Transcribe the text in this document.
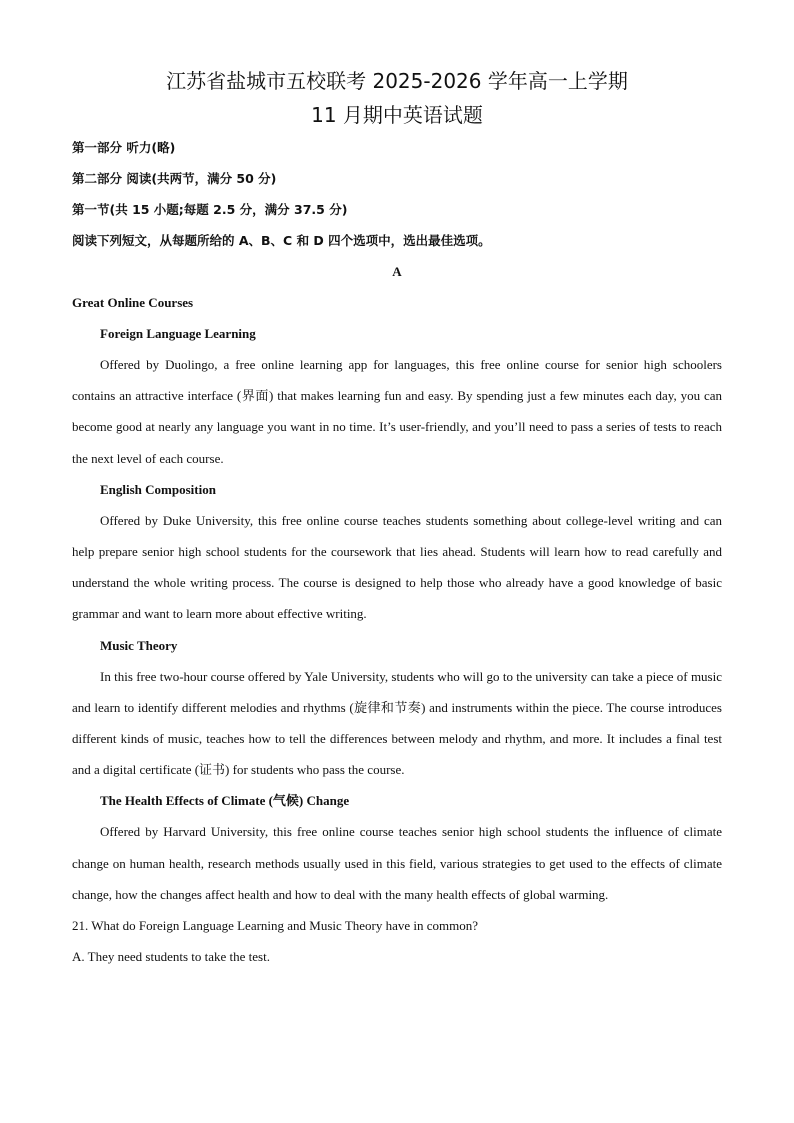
江苏省盐城市五校联考 2025-2026 学年高一上学期
11 月期中英语试题

第一部分 听力(略)

第二部分 阅读(共两节，满分 50 分)

第一节(共 15 小题;每题 2.5 分，满分 37.5 分)

阅读下列短文，从每题所给的 A、B、C 和 D 四个选项中，选出最佳选项。

A

Great Online Courses

Foreign Language Learning

Offered by Duolingo, a free online learning app for languages, this free online course for senior high schoolers contains an attractive interface (界面) that makes learning fun and easy. By spending just a few minutes each day, you can become good at nearly any language you want in no time. It’s user-friendly, and you’ll need to pass a series of tests to reach the next level of each course.

English Composition

Offered by Duke University, this free online course teaches students something about college-level writing and can help prepare senior high school students for the coursework that lies ahead. Students will learn how to read carefully and understand the whole writing process. The course is designed to help those who already have a good knowledge of basic grammar and want to learn more about effective writing.

Music Theory

In this free two-hour course offered by Yale University, students who will go to the university can take a piece of music and learn to identify different melodies and rhythms (旋律和节奏) and instruments within the piece. The course introduces different kinds of music, teaches how to tell the differences between melody and rhythm, and more. It includes a final test and a digital certificate (证书) for students who pass the course.

The Health Effects of Climate (气候) Change

Offered by Harvard University, this free online course teaches senior high school students the influence of climate change on human health, research methods usually used in this field, various strategies to get used to the effects of climate change, how the changes affect health and how to deal with the many health effects of global warming.

21. What do Foreign Language Learning and Music Theory have in common?

A. They need students to take the test.
